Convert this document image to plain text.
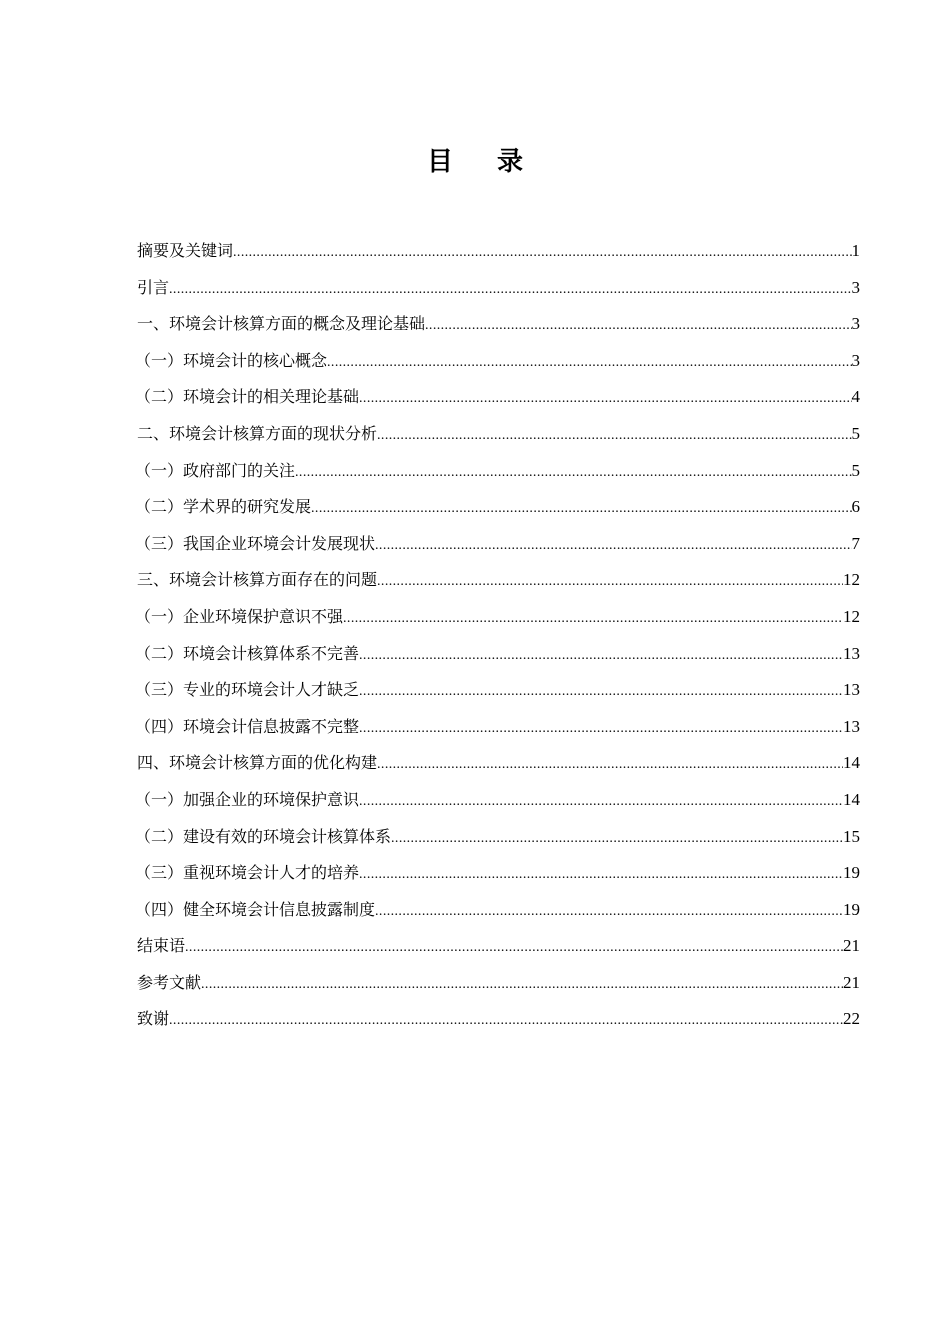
目 录
摘要及关键词 .....	1
引言 .....	3
一、环境会计核算方面的概念及理论基础 .....	3
（一）环境会计的核心概念 .....	3
（二）环境会计的相关理论基础 .....	4
二、环境会计核算方面的现状分析 .....	5
（一）政府部门的关注 .....	5
（二）学术界的研究发展 .....	6
（三）我国企业环境会计发展现状 .....	7
三、环境会计核算方面存在的问题 .....	12
（一）企业环境保护意识不强 .....	12
（二）环境会计核算体系不完善 .....	13
（三）专业的环境会计人才缺乏 .....	13
（四）环境会计信息披露不完整 .....	13
四、环境会计核算方面的优化构建 .....	14
（一）加强企业的环境保护意识 .....	14
（二）建设有效的环境会计核算体系 .....	15
（三）重视环境会计人才的培养 .....	19
（四）健全环境会计信息披露制度 .....	19
结束语 .....	21
参考文献 .....	21
致谢 .....	22
